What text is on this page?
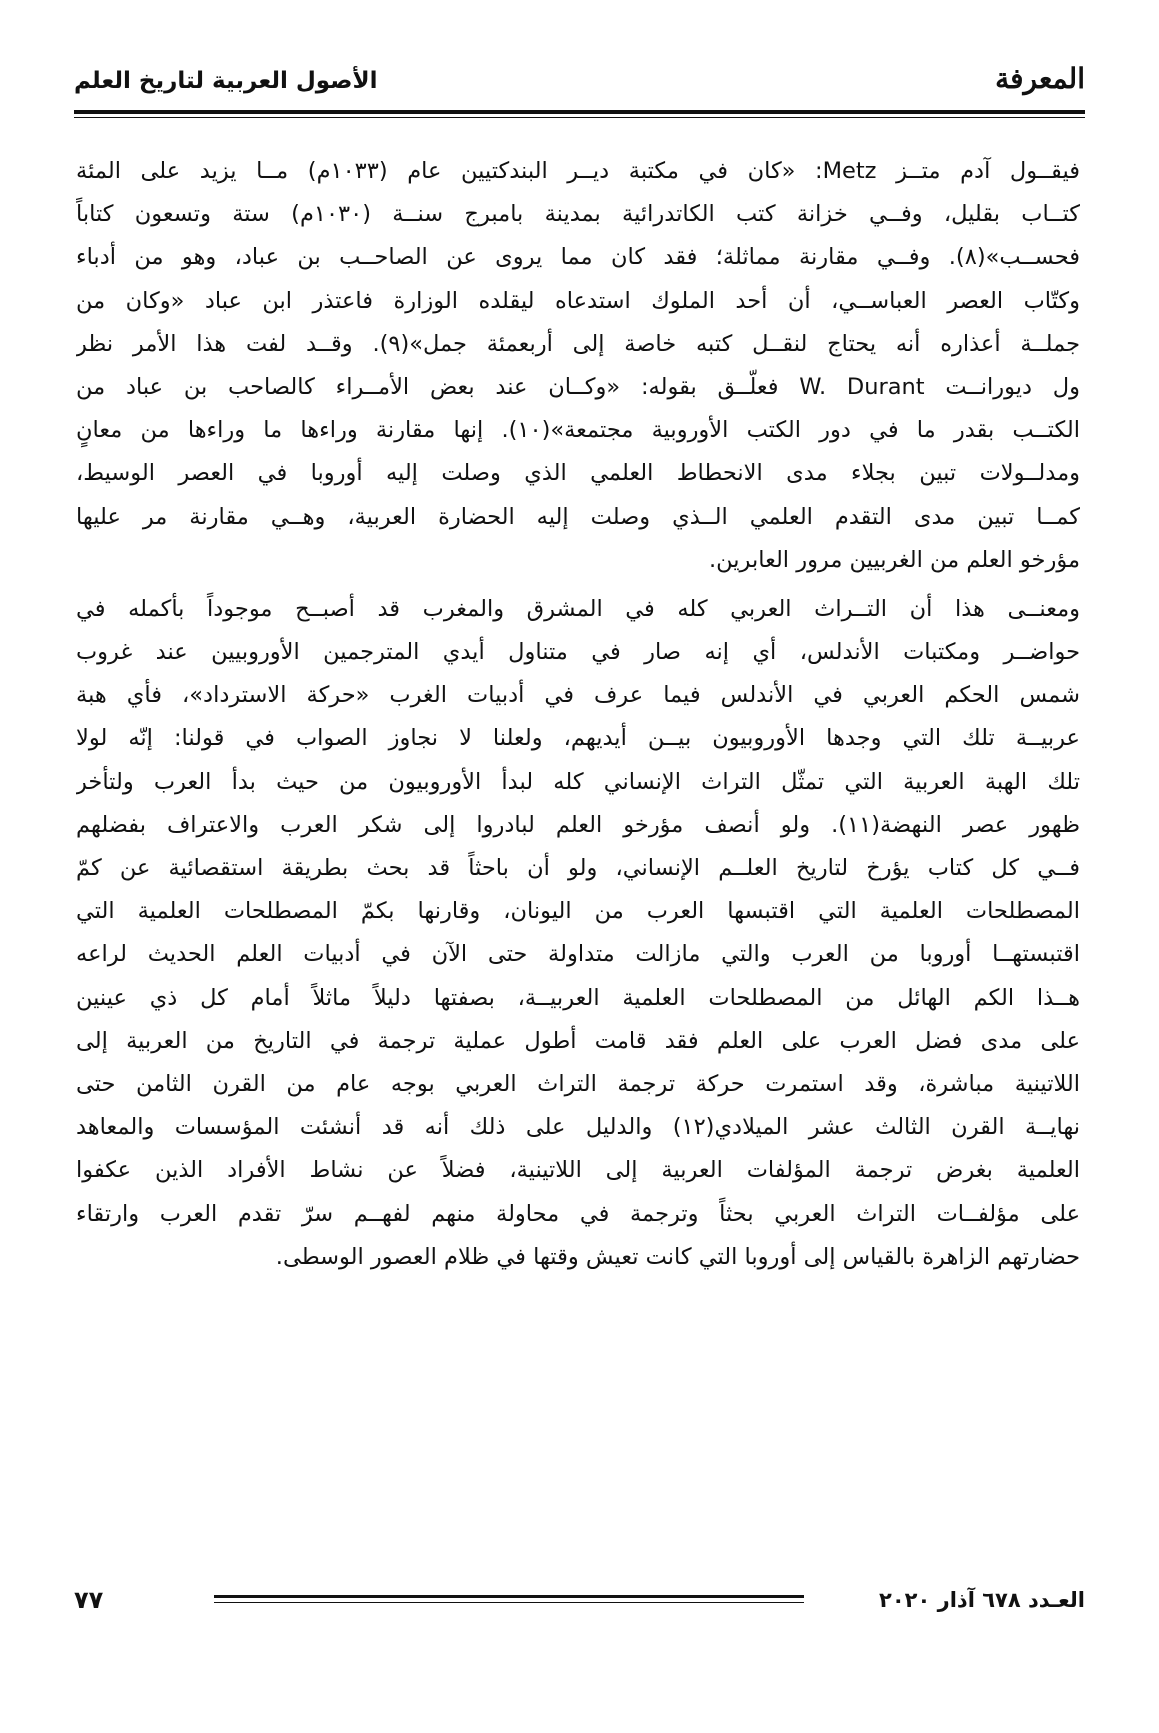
الأصول العربية لتاريخ العلم	المعرفة
فيقــول آدم متــز Metz: «كان في مكتبة ديــر البندكتيين عام (١٠٣٣م) مــا يزيد على المئة
كتــاب بقليل، وفــي خزانة كتب الكاتدرائية بمدينة بامبرج سنــة (١٠٣٠م) ستة وتسعون كتاباً
فحســب»(٨). وفــي مقارنة مماثلة؛ فقد كان مما يروى عن الصاحــب بن عباد، وهو من أدباء
وكتّاب العصر العباســي، أن أحد الملوك استدعاه ليقلده الوزارة فاعتذر ابن عباد «وكان من
جملــة أعذاره أنه يحتاج لنقــل كتبه خاصة إلى أربعمئة جمل»(٩). وقــد لفت هذا الأمر نظر
ول ديورانــت W. Durant فعلّــق بقوله: «وكــان عند بعض الأمــراء كالصاحب بن عباد من
الكتــب بقدر ما في دور الكتب الأوروبية مجتمعة»(١٠). إنها مقارنة وراءها ما وراءها من معانٍ
ومدلــولات تبين بجلاء مدى الانحطاط العلمي الذي وصلت إليه أوروبا في العصر الوسيط،
كمــا تبين مدى التقدم العلمي الــذي وصلت إليه الحضارة العربية، وهــي مقارنة مر عليها
مؤرخو العلم من الغربيين مرور العابرين.
ومعنــى هذا أن التــراث العربي كله في المشرق والمغرب قد أصبــح موجوداً بأكمله في
حواضــر ومكتبات الأندلس، أي إنه صار في متناول أيدي المترجمين الأوروبيين عند غروب
شمس الحكم العربي في الأندلس فيما عرف في أدبيات الغرب «حركة الاسترداد»، فأي هبة
عربيــة تلك التي وجدها الأوروبيون بيــن أيديهم، ولعلنا لا نجاوز الصواب في قولنا: إنّه لولا
تلك الهبة العربية التي تمثّل التراث الإنساني كله لبدأ الأوروبيون من حيث بدأ العرب ولتأخر
ظهور عصر النهضة(١١). ولو أنصف مؤرخو العلم لبادروا إلى شكر العرب والاعتراف بفضلهم
فــي كل كتاب يؤرخ لتاريخ العلــم الإنساني، ولو أن باحثاً قد بحث بطريقة استقصائية عن كمّ
المصطلحات العلمية التي اقتبسها العرب من اليونان، وقارنها بكمّ المصطلحات العلمية التي
اقتبستهــا أوروبا من العرب والتي مازالت متداولة حتى الآن في أدبيات العلم الحديث لراعه
هــذا الكم الهائل من المصطلحات العلمية العربيــة، بصفتها دليلاً ماثلاً أمام كل ذي عينين
على مدى فضل العرب على العلم فقد قامت أطول عملية ترجمة في التاريخ من العربية إلى
اللاتينية مباشرة، وقد استمرت حركة ترجمة التراث العربي بوجه عام من القرن الثامن حتى
نهايــة القرن الثالث عشر الميلادي(١٢) والدليل على ذلك أنه قد أنشئت المؤسسات والمعاهد
العلمية بغرض ترجمة المؤلفات العربية إلى اللاتينية، فضلاً عن نشاط الأفراد الذين عكفوا
على مؤلفــات التراث العربي بحثاً وترجمة في محاولة منهم لفهــم سرّ تقدم العرب وارتقاء
حضارتهم الزاهرة بالقياس إلى أوروبا التي كانت تعيش وقتها في ظلام العصور الوسطى.
٧٧	العـدد ٦٧٨ آذار ٢٠٢٠
